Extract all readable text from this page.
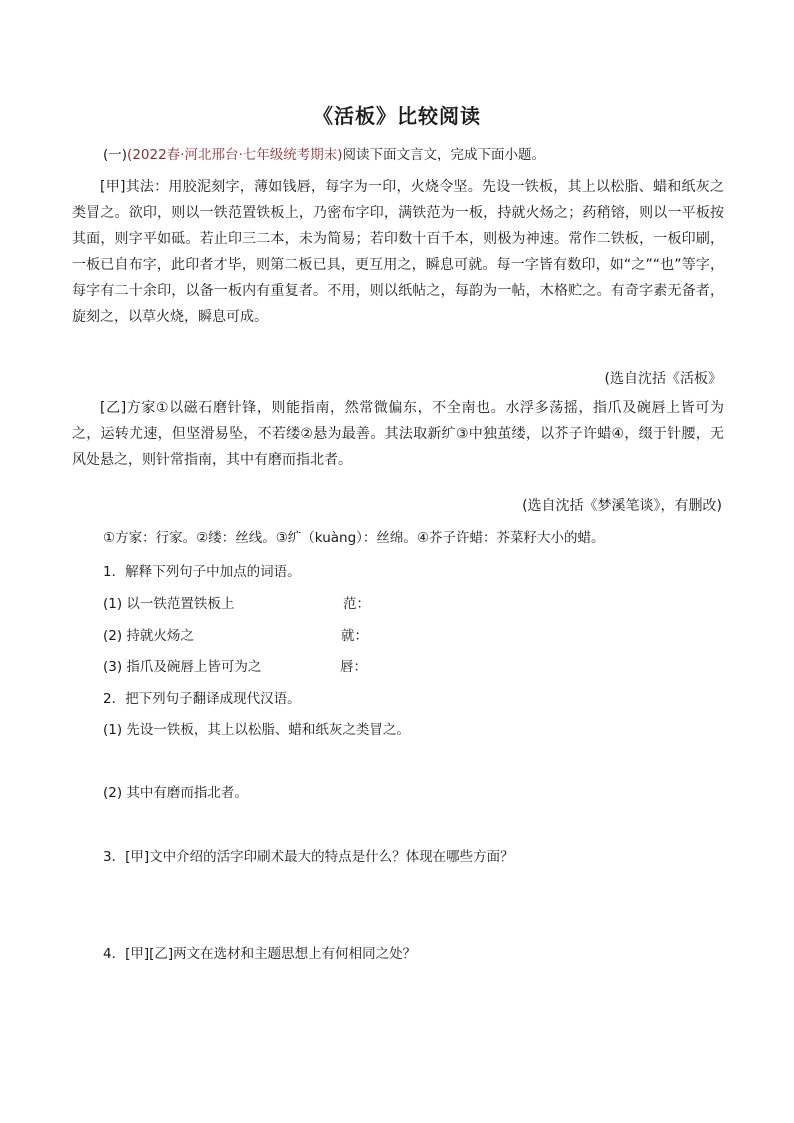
《活板》比较阅读
(一)(2022春·河北邢台·七年级统考期末)阅读下面文言文，完成下面小题。
[甲]其法：用胶泥刻字，薄如钱唇，每字为一印，火烧令坚。先设一铁板，其上以松脂、蜡和纸灰之类冒之。欲印，则以一铁范置铁板上，乃密布字印，满铁范为一板，持就火炀之；药稍镕，则以一平板按其面，则字平如砥。若止印三二本，未为简易；若印数十百千本，则极为神速。常作二铁板，一板印刷，一板已自布字，此印者才毕，则第二板已具，更互用之，瞬息可就。每一字皆有数印，如“之”“也”等字，每字有二十余印，以备一板内有重复者。不用，则以纸帖之，每韵为一帖，木格贮之。有奇字素无备者，旋刻之，以草火烧，瞬息可成。
(选自沈括《活板》
[乙]方家①以磁石磨针锋，则能指南，然常微偏东，不全南也。水浮多荡摇，指爪及碗唇上皆可为之，运转尤速，但坚滑易坠，不若缕②悬为最善。其法取新纩③中独茧缕，以芥子许蜡④，缀于针腰，无风处悬之，则针常指南，其中有磨而指北者。
(选自沈括《梦溪笔谈》，有删改)
①方家：行家。②缕：丝线。③纩（kuàng）：丝绵。④芥子许蜡：芥菜籽大小的蜡。
1．解释下列句子中加点的词语。
(1) 以一铁范置铁板上	范：
(2) 持就火炀之	就：
(3) 指爪及碗唇上皆可为之	唇：
2．把下列句子翻译成现代汉语。
(1) 先设一铁板，其上以松脂、蜡和纸灰之类冒之。
(2) 其中有磨而指北者。
3．[甲]文中介绍的活字印刷术最大的特点是什么？体现在哪些方面？
4．[甲][乙]两文在选材和主题思想上有何相同之处？
